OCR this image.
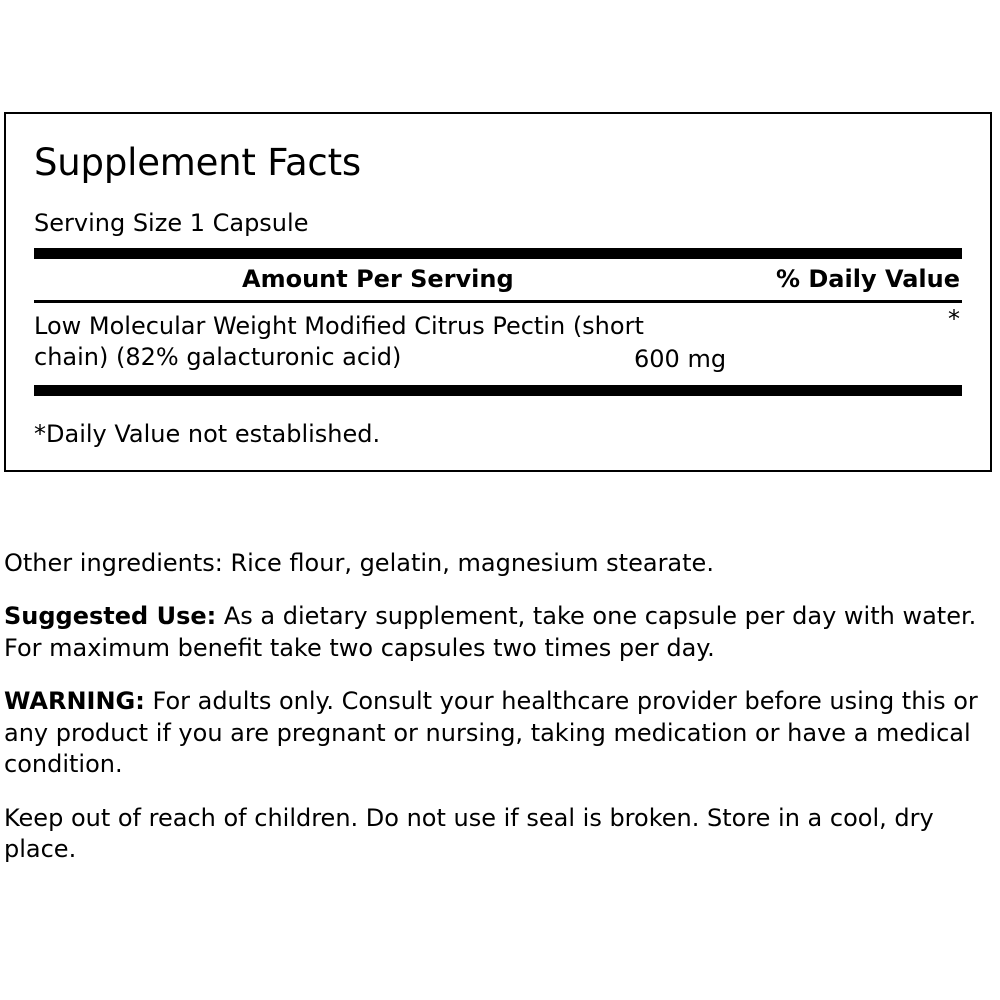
Supplement Facts
Serving Size 1 Capsule
Amount Per Serving	% Daily Value
Low Molecular Weight Modified Citrus Pectin (short chain) (82% galacturonic acid)	600 mg
*
*Daily Value not established.

Other ingredients: Rice flour, gelatin, magnesium stearate.

Suggested Use: As a dietary supplement, take one capsule per day with water. For maximum benefit take two capsules two times per day.

WARNING: For adults only. Consult your healthcare provider before using this or any product if you are pregnant or nursing, taking medication or have a medical condition.

Keep out of reach of children. Do not use if seal is broken. Store in a cool, dry place.
